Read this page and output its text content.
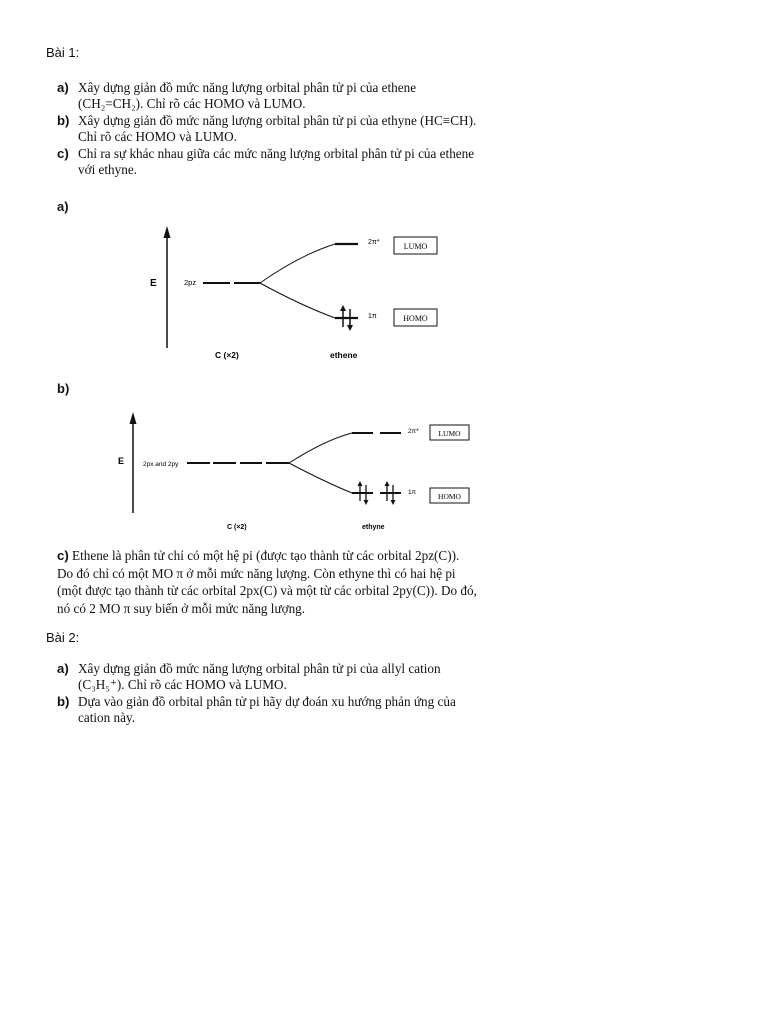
Bài 1:
a) Xây dựng giản đồ mức năng lượng orbital phân tử pi của ethene
(CH₂=CH₂). Chỉ rõ các HOMO và LUMO.
b) Xây dựng giản đồ mức năng lượng orbital phân tử pi của ethyne (HC≡CH).
Chỉ rõ các HOMO và LUMO.
c) Chỉ ra sự khác nhau giữa các mức năng lượng orbital phân tử pi của ethene
với ethyne.
a)
E	2pz
2π*	LUMO
1π	HOMO
C (×2)	ethene
b)
E	2px and 2py
2π*	LUMO
1π	HOMO
C (×2)	ethyne
c) Ethene là phân tử chỉ có một hệ pi (được tạo thành từ các orbital 2pz(C)).
Do đó chỉ có một MO π ở mỗi mức năng lượng. Còn ethyne thì có hai hệ pi
(một được tạo thành từ các orbital 2px(C) và một từ các orbital 2py(C)). Do đó,
nó có 2 MO π suy biến ở mỗi mức năng lượng.
Bài 2:
a) Xây dựng giản đồ mức năng lượng orbital phân tử pi của allyl cation
(C₃H₅⁺). Chỉ rõ các HOMO và LUMO.
b) Dựa vào giản đồ orbital phân tử pi hãy dự đoán xu hướng phản ứng của
cation này.
